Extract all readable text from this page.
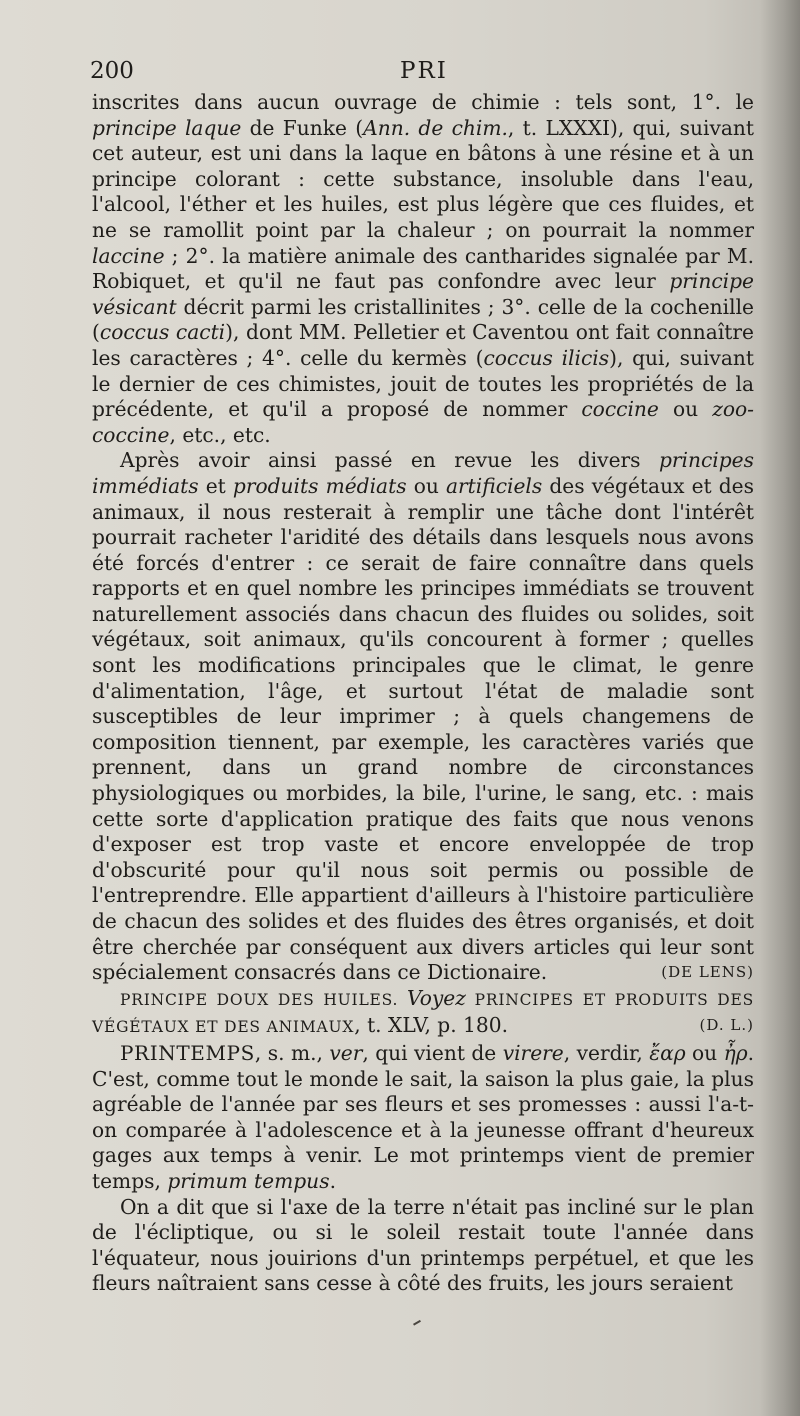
200	PRI

inscrites dans aucun ouvrage de chimie : tels sont, 1°. le principe laque de Funke (Ann. de chim., t. LXXXI), qui, suivant cet auteur, est uni dans la laque en bâtons à une résine et à un principe colorant : cette substance, insoluble dans l'eau, l'alcool, l'éther et les huiles, est plus légère que ces fluides, et ne se ramollit point par la chaleur ; on pourrait la nommer laccine ; 2°. la matière animale des cantharides signalée par M. Robiquet, et qu'il ne faut pas confondre avec leur principe vésicant décrit parmi les cristallinites ; 3°. celle de la cochenille (coccus cacti), dont MM. Pelletier et Caventou ont fait connaître les caractères ; 4°. celle du kermès (coccus ilicis), qui, suivant le dernier de ces chimistes, jouit de toutes les propriétés de la précédente, et qu'il a proposé de nommer coccine ou zoo-coccine, etc., etc.

Après avoir ainsi passé en revue les divers principes immédiats et produits médiats ou artificiels des végétaux et des animaux, il nous resterait à remplir une tâche dont l'intérêt pourrait racheter l'aridité des détails dans lesquels nous avons été forcés d'entrer : ce serait de faire connaître dans quels rapports et en quel nombre les principes immédiats se trouvent naturellement associés dans chacun des fluides ou solides, soit végétaux, soit animaux, qu'ils concourent à former ; quelles sont les modifications principales que le climat, le genre d'alimentation, l'âge, et surtout l'état de maladie sont susceptibles de leur imprimer ; à quels changemens de composition tiennent, par exemple, les caractères variés que prennent, dans un grand nombre de circonstances physiologiques ou morbides, la bile, l'urine, le sang, etc. : mais cette sorte d'application pratique des faits que nous venons d'exposer est trop vaste et encore enveloppée de trop d'obscurité pour qu'il nous soit permis ou possible de l'entreprendre. Elle appartient d'ailleurs à l'histoire particulière de chacun des solides et des fluides des êtres organisés, et doit être cherchée par conséquent aux divers articles qui leur sont spécialement consacrés dans ce Dictionaire.	(DE LENS)

PRINCIPE DOUX DES HUILES. Voyez PRINCIPES ET PRODUITS DES VÉGÉTAUX ET DES ANIMAUX, t. XLV, p. 180.	(D. L.)

PRINTEMPS, s. m., ver, qui vient de virere, verdir, ἔαρ ou ἦρ. C'est, comme tout le monde le sait, la saison la plus gaie, la plus agréable de l'année par ses fleurs et ses promesses : aussi l'a-t-on comparée à l'adolescence et à la jeunesse offrant d'heureux gages aux temps à venir. Le mot printemps vient de premier temps, primum tempus.

On a dit que si l'axe de la terre n'était pas incliné sur le plan de l'écliptique, ou si le soleil restait toute l'année dans l'équateur, nous jouirions d'un printemps perpétuel, et que les fleurs naîtraient sans cesse à côté des fruits, les jours seraient
